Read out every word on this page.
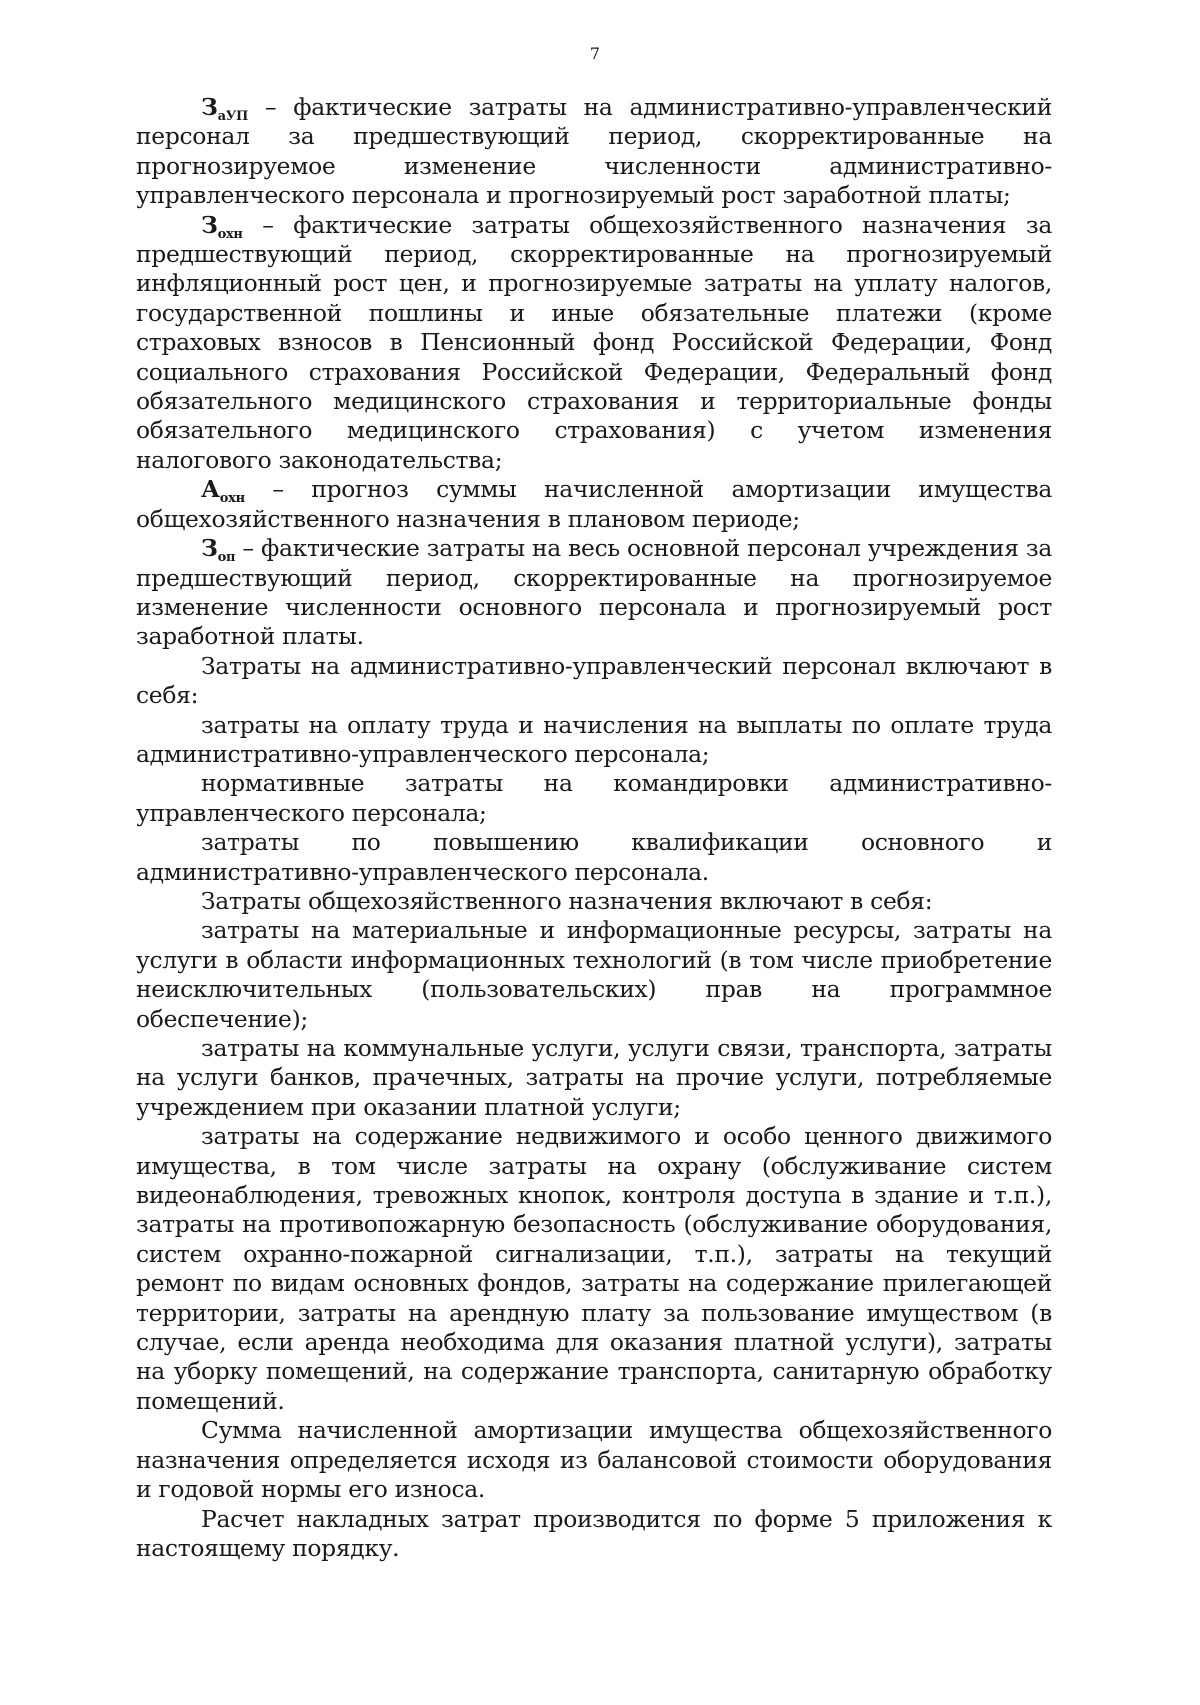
7

$З_{аУП}$ – фактические затраты на административно-управленческий персонал за предшествующий период, скорректированные на прогнозируемое изменение численности административно-управленческого персонала и прогнозируемый рост заработной платы;

$З_{охн}$ – фактические затраты общехозяйственного назначения за предшествующий период, скорректированные на прогнозируемый инфляционный рост цен, и прогнозируемые затраты на уплату налогов, государственной пошлины и иные обязательные платежи (кроме страховых взносов в Пенсионный фонд Российской Федерации, Фонд социального страхования Российской Федерации, Федеральный фонд обязательного медицинского страхования и территориальные фонды обязательного медицинского страхования) с учетом изменения налогового законодательства;

$А_{охн}$ – прогноз суммы начисленной амортизации имущества общехозяйственного назначения в плановом периоде;

$З_{оп}$ – фактические затраты на весь основной персонал учреждения за предшествующий период, скорректированные на прогнозируемое изменение численности основного персонала и прогнозируемый рост заработной платы.

Затраты на административно-управленческий персонал включают в себя:

затраты на оплату труда и начисления на выплаты по оплате труда административно-управленческого персонала;

нормативные затраты на командировки административно-управленческого персонала;

затраты по повышению квалификации основного и административно-управленческого персонала.

Затраты общехозяйственного назначения включают в себя:

затраты на материальные и информационные ресурсы, затраты на услуги в области информационных технологий (в том числе приобретение неисключительных (пользовательских) прав на программное обеспечение);

затраты на коммунальные услуги, услуги связи, транспорта, затраты на услуги банков, прачечных, затраты на прочие услуги, потребляемые учреждением при оказании платной услуги;

затраты на содержание недвижимого и особо ценного движимого имущества, в том числе затраты на охрану (обслуживание систем видеонаблюдения, тревожных кнопок, контроля доступа в здание и т.п.), затраты на противопожарную безопасность (обслуживание оборудования, систем охранно-пожарной сигнализации, т.п.), затраты на текущий ремонт по видам основных фондов, затраты на содержание прилегающей территории, затраты на арендную плату за пользование имуществом (в случае, если аренда необходима для оказания платной услуги), затраты на уборку помещений, на содержание транспорта, санитарную обработку помещений.

Сумма начисленной амортизации имущества общехозяйственного назначения определяется исходя из балансовой стоимости оборудования и годовой нормы его износа.

Расчет накладных затрат производится по форме 5 приложения к настоящему порядку.
